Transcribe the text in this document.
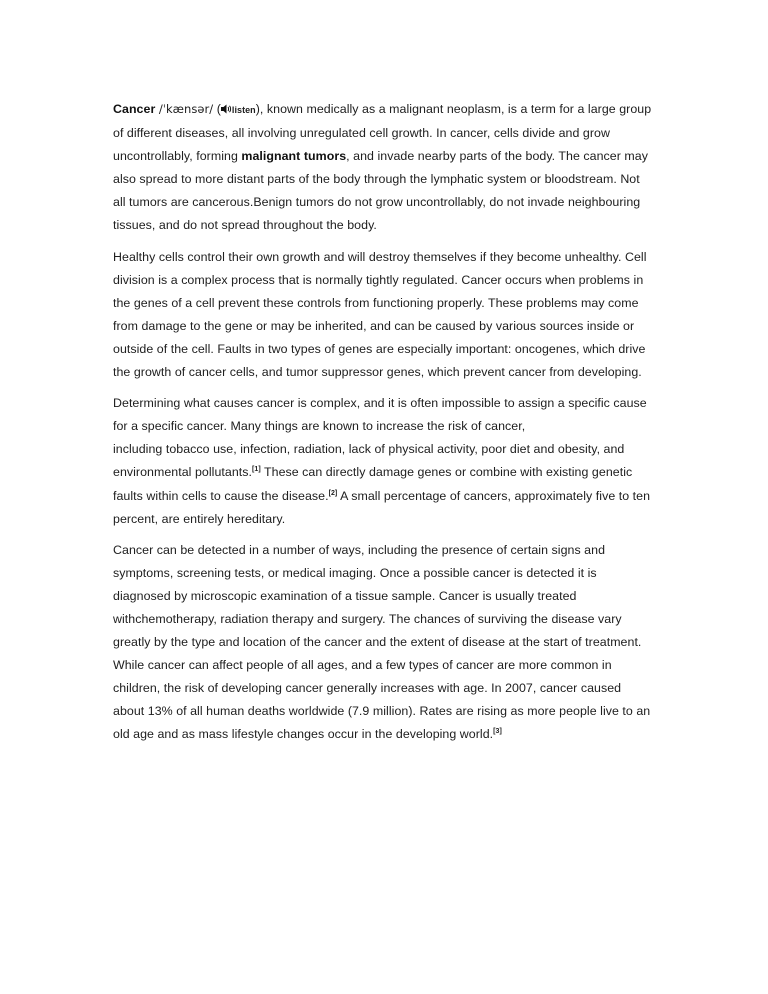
Cancer /ˈkænsər/ ( listen), known medically as a malignant neoplasm, is a term for a large group
of different diseases, all involving unregulated cell growth. In cancer, cells divide and grow
uncontrollably, forming malignant tumors, and invade nearby parts of the body. The cancer may
also spread to more distant parts of the body through the lymphatic system or bloodstream. Not
all tumors are cancerous.Benign tumors do not grow uncontrollably, do not invade neighbouring
tissues, and do not spread throughout the body.

Healthy cells control their own growth and will destroy themselves if they become unhealthy. Cell
division is a complex process that is normally tightly regulated. Cancer occurs when problems in
the genes of a cell prevent these controls from functioning properly. These problems may come
from damage to the gene or may be inherited, and can be caused by various sources inside or
outside of the cell. Faults in two types of genes are especially important: oncogenes, which drive
the growth of cancer cells, and tumor suppressor genes, which prevent cancer from developing.

Determining what causes cancer is complex, and it is often impossible to assign a specific cause
for a specific cancer. Many things are known to increase the risk of cancer,
including tobacco use, infection, radiation, lack of physical activity, poor diet and obesity, and
environmental pollutants.[1] These can directly damage genes or combine with existing genetic
faults within cells to cause the disease.[2] A small percentage of cancers, approximately five to ten
percent, are entirely hereditary.

Cancer can be detected in a number of ways, including the presence of certain signs and
symptoms, screening tests, or medical imaging. Once a possible cancer is detected it is
diagnosed by microscopic examination of a tissue sample. Cancer is usually treated
withchemotherapy, radiation therapy and surgery. The chances of surviving the disease vary
greatly by the type and location of the cancer and the extent of disease at the start of treatment.
While cancer can affect people of all ages, and a few types of cancer are more common in
children, the risk of developing cancer generally increases with age. In 2007, cancer caused
about 13% of all human deaths worldwide (7.9 million). Rates are rising as more people live to an
old age and as mass lifestyle changes occur in the developing world.[3]
